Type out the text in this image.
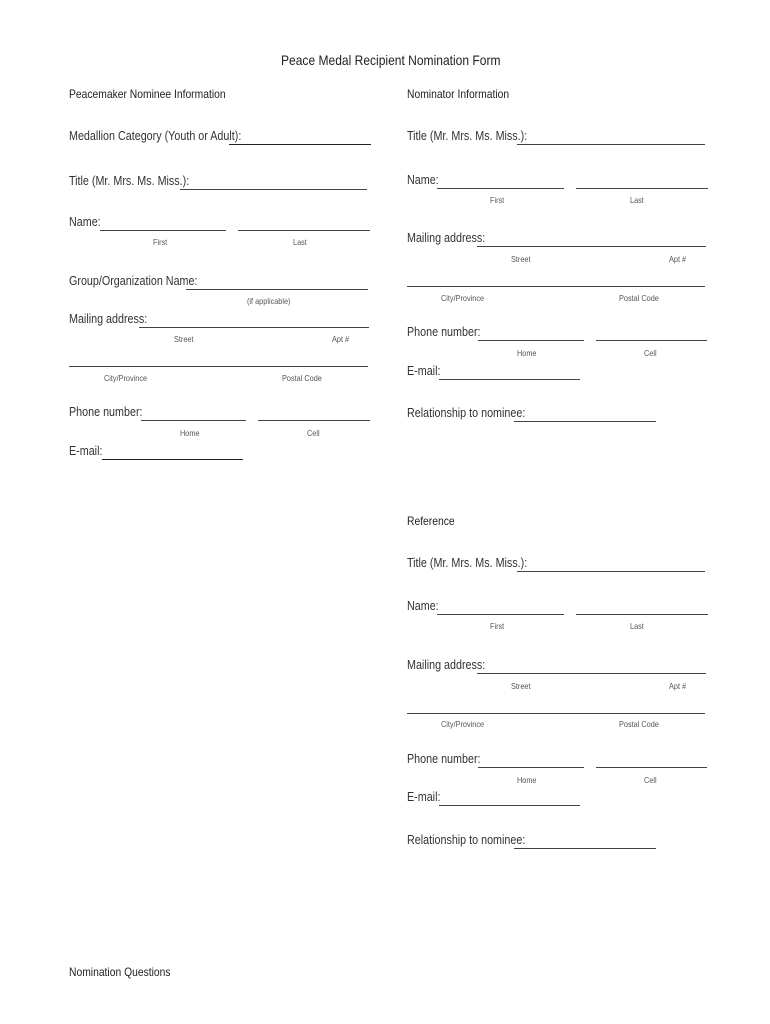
Peace Medal Recipient Nomination Form
Peacemaker Nominee Information
Medallion Category (Youth or Adult):
Title (Mr. Mrs. Ms. Miss.):
Name:
First	Last
Group/Organization Name:
(if applicable)
Mailing address:
Street	Apt #
City/Province	Postal Code
Phone number:
Home	Cell
E-mail:
Nominator Information
Title (Mr. Mrs. Ms. Miss.):
Name:
First	Last
Mailing address:
Street	Apt #
City/Province	Postal Code
Phone number:
Home	Cell
E-mail:
Relationship to nominee:
Reference
Title (Mr. Mrs. Ms. Miss.):
Name:
First	Last
Mailing address:
Street	Apt #
City/Province	Postal Code
Phone number:
Home	Cell
E-mail:
Relationship to nominee:
Nomination Questions
